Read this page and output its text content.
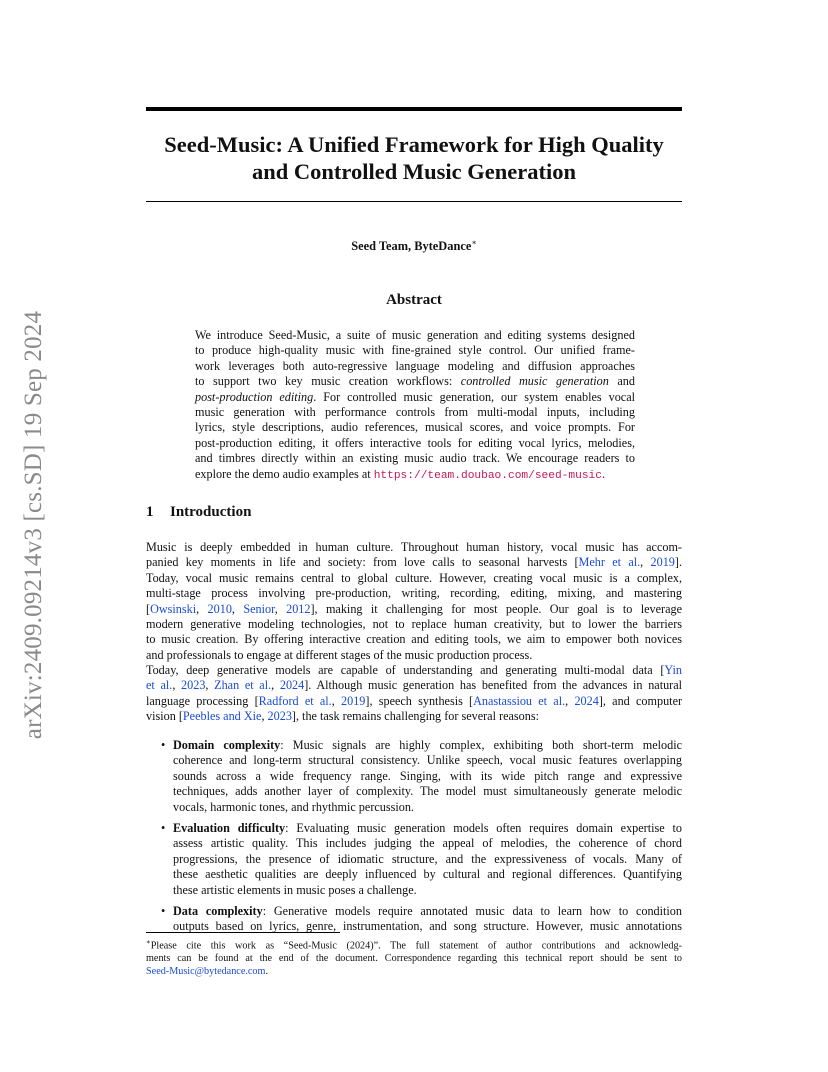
arXiv:2409.09214v3 [cs.SD] 19 Sep 2024
Seed-Music: A Unified Framework for High Quality
and Controlled Music Generation
Seed Team, ByteDance∗
Abstract
We introduce Seed-Music, a suite of music generation and editing systems designed
to produce high-quality music with fine-grained style control. Our unified frame-
work leverages both auto-regressive language modeling and diffusion approaches
to support two key music creation workflows: controlled music generation and
post-production editing. For controlled music generation, our system enables vocal
music generation with performance controls from multi-modal inputs, including
lyrics, style descriptions, audio references, musical scores, and voice prompts. For
post-production editing, it offers interactive tools for editing vocal lyrics, melodies,
and timbres directly within an existing music audio track. We encourage readers to
explore the demo audio examples at https://team.doubao.com/seed-music.
1 Introduction
Music is deeply embedded in human culture. Throughout human history, vocal music has accom-
panied key moments in life and society: from love calls to seasonal harvests [Mehr et al., 2019].
Today, vocal music remains central to global culture. However, creating vocal music is a complex,
multi-stage process involving pre-production, writing, recording, editing, mixing, and mastering
[Owsinski, 2010, Senior, 2012], making it challenging for most people. Our goal is to leverage
modern generative modeling technologies, not to replace human creativity, but to lower the barriers
to music creation. By offering interactive creation and editing tools, we aim to empower both novices
and professionals to engage at different stages of the music production process.
Today, deep generative models are capable of understanding and generating multi-modal data [Yin
et al., 2023, Zhan et al., 2024]. Although music generation has benefited from the advances in natural
language processing [Radford et al., 2019], speech synthesis [Anastassiou et al., 2024], and computer
vision [Peebles and Xie, 2023], the task remains challenging for several reasons:
• Domain complexity: Music signals are highly complex, exhibiting both short-term melodic
coherence and long-term structural consistency. Unlike speech, vocal music features overlapping
sounds across a wide frequency range. Singing, with its wide pitch range and expressive
techniques, adds another layer of complexity. The model must simultaneously generate melodic
vocals, harmonic tones, and rhythmic percussion.
• Evaluation difficulty: Evaluating music generation models often requires domain expertise to
assess artistic quality. This includes judging the appeal of melodies, the coherence of chord
progressions, the presence of idiomatic structure, and the expressiveness of vocals. Many of
these aesthetic qualities are deeply influenced by cultural and regional differences. Quantifying
these artistic elements in music poses a challenge.
• Data complexity: Generative models require annotated music data to learn how to condition
outputs based on lyrics, genre, instrumentation, and song structure. However, music annotations
∗Please cite this work as “Seed-Music (2024)”. The full statement of author contributions and acknowledg-
ments can be found at the end of the document. Correspondence regarding this technical report should be sent to
Seed-Music@bytedance.com.
